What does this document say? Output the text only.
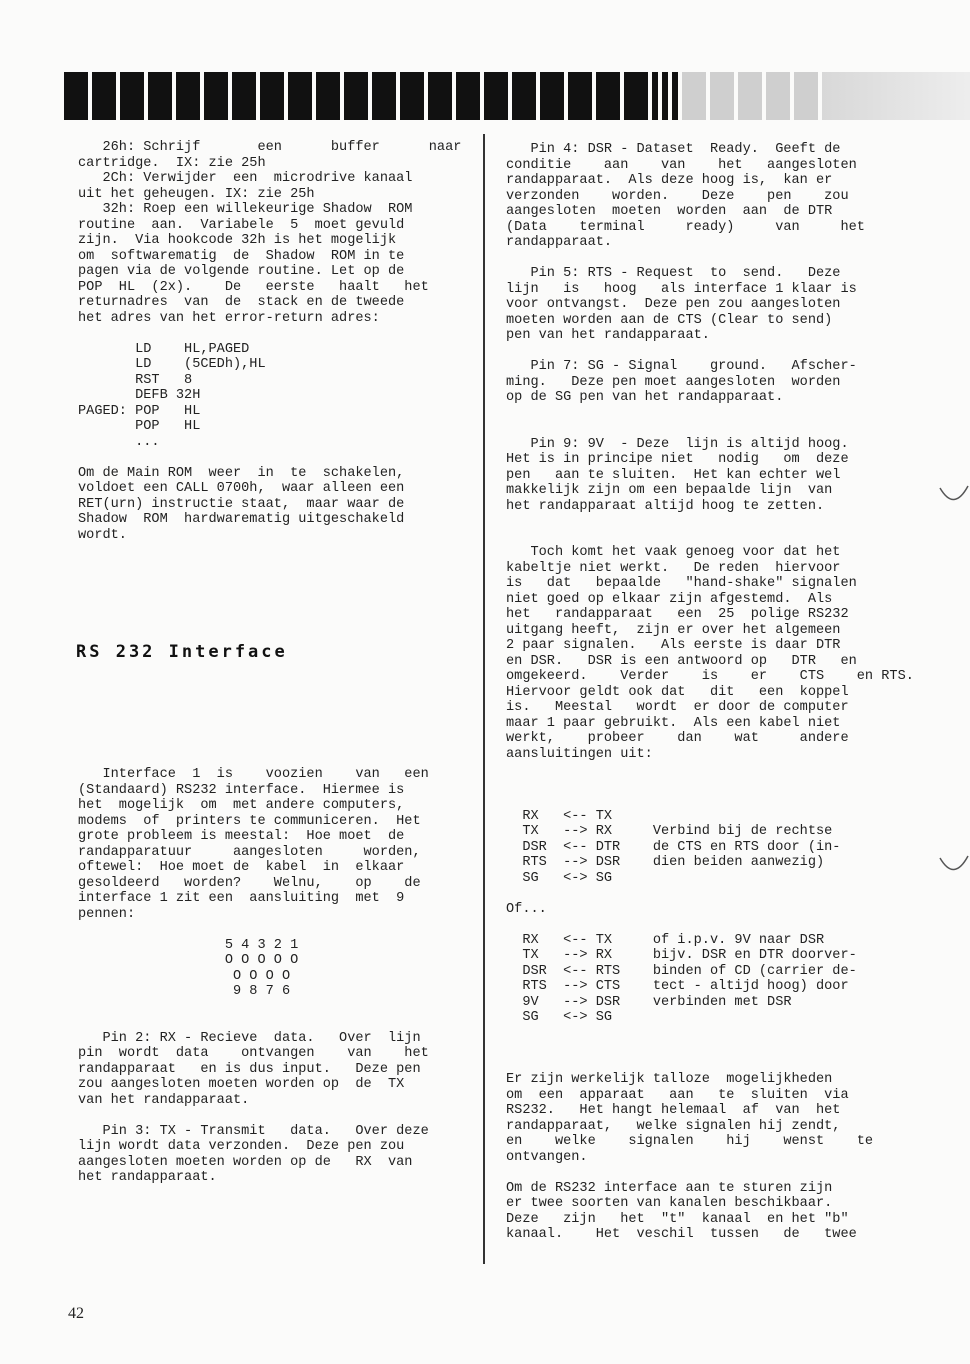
26h: Schrijf       een      buffer      naar

cartridge.  IX: zie 25h

2Ch: Verwijder  een  microdrive kanaal

uit het geheugen. IX: zie 25h

32h: Roep een willekeurige Shadow  ROM

routine  aan.  Variabele  5  moet gevuld

zijn.  Via hookcode 32h is het mogelijk

om  softwarematig  de  Shadow  ROM in te

pagen via de volgende routine. Let op de

POP  HL  (2x).    De   eerste   haalt   het

returnadres  van  de  stack en de tweede

het adres van het error-return adres:

LD    HL,PAGED

LD    (5CEDh),HL

RST   8

DEFB 32H

PAGED: POP   HL

POP   HL

...

Om de Main ROM  weer  in  te  schakelen,

voldoet een CALL 0700h,  waar alleen een

RET(urn) instructie staat,  maar waar de

Shadow  ROM  hardwarematig uitgeschakeld

wordt.

RS 232 Interface

Interface  1  is    voozien    van   een

(Standaard) RS232 interface.  Hiermee is

het  mogelijk  om  met andere computers,

modems  of  printers te communiceren.  Het

grote probleem is meestal:  Hoe moet  de

randapparatuur     aangesloten     worden,

oftewel:  Hoe moet de  kabel  in  elkaar

gesoldeerd   worden?    Welnu,    op    de

interface 1 zit een  aansluiting  met  9

pennen:

5 4 3 2 1

O O O O O

O O O O

9 8 7 6

Pin 2: RX - Recieve  data.   Over  lijn

pin  wordt  data    ontvangen    van    het

randapparaat   en is dus input.   Deze pen

zou aangesloten moeten worden op  de  TX

van het randapparaat.

Pin 3: TX - Transmit   data.   Over deze

lijn wordt data verzonden.  Deze pen zou

aangesloten moeten worden op de   RX  van

het randapparaat.

Pin 4: DSR - Dataset  Ready.  Geeft de

conditie    aan    van    het   aangesloten

randapparaat.  Als deze hoog is,  kan er

verzonden    worden.    Deze    pen    zou

aangesloten  moeten  worden  aan  de DTR

(Data    terminal     ready)     van     het

randapparaat.

Pin 5: RTS - Request  to  send.   Deze

lijn   is   hoog   als interface 1 klaar is

voor ontvangst.  Deze pen zou aangesloten

moeten worden aan de CTS (Clear to send)

pen van het randapparaat.

Pin 7: SG - Signal    ground.   Afscher-

ming.   Deze pen moet aangesloten  worden

op de SG pen van het randapparaat.

Pin 9: 9V  - Deze  lijn is altijd hoog.

Het is in principe niet   nodig   om  deze

pen   aan te sluiten.  Het kan echter wel

makkelijk zijn om een bepaalde lijn  van

het randapparaat altijd hoog te zetten.

Toch komt het vaak genoeg voor dat het

kabeltje niet werkt.   De reden  hiervoor

is   dat   bepaalde   "hand-shake" signalen

niet goed op elkaar zijn afgestemd.  Als

het   randapparaat   een  25  polige RS232

uitgang heeft,  zijn er over het algemeen

2 paar signalen.   Als eerste is daar DTR

en DSR.   DSR is een antwoord op   DTR   en

omgekeerd.    Verder    is    er    CTS    en RTS.

Hiervoor geldt ook dat   dit   een  koppel

is.   Meestal   wordt  er door de computer

maar 1 paar gebruikt.  Als een kabel niet

werkt,    probeer    dan    wat     andere

aansluitingen uit:

RX   <-- TX

TX   --> RX     Verbind bij de rechtse

DSR  <-- DTR    de CTS en RTS door (in-

RTS  --> DSR    dien beiden aanwezig)

SG   <-> SG

Of...

RX   <-- TX     of i.p.v. 9V naar DSR

TX   --> RX     bijv. DSR en DTR doorver-

DSR  <-- RTS    binden of CD (carrier de-

RTS  --> CTS    tect - altijd hoog) door

9V   --> DSR    verbinden met DSR

SG   <-> SG

Er zijn werkelijk talloze  mogelijkheden

om  een  apparaat   aan   te  sluiten  via

RS232.   Het hangt helemaal  af  van  het

randapparaat,   welke signalen hij zendt,

en    welke    signalen    hij    wenst    te

ontvangen.

Om de RS232 interface aan te sturen zijn

er twee soorten van kanalen beschikbaar.

Deze   zijn   het  "t"  kanaal  en het "b"

kanaal.    Het  veschil  tussen   de   twee

42
